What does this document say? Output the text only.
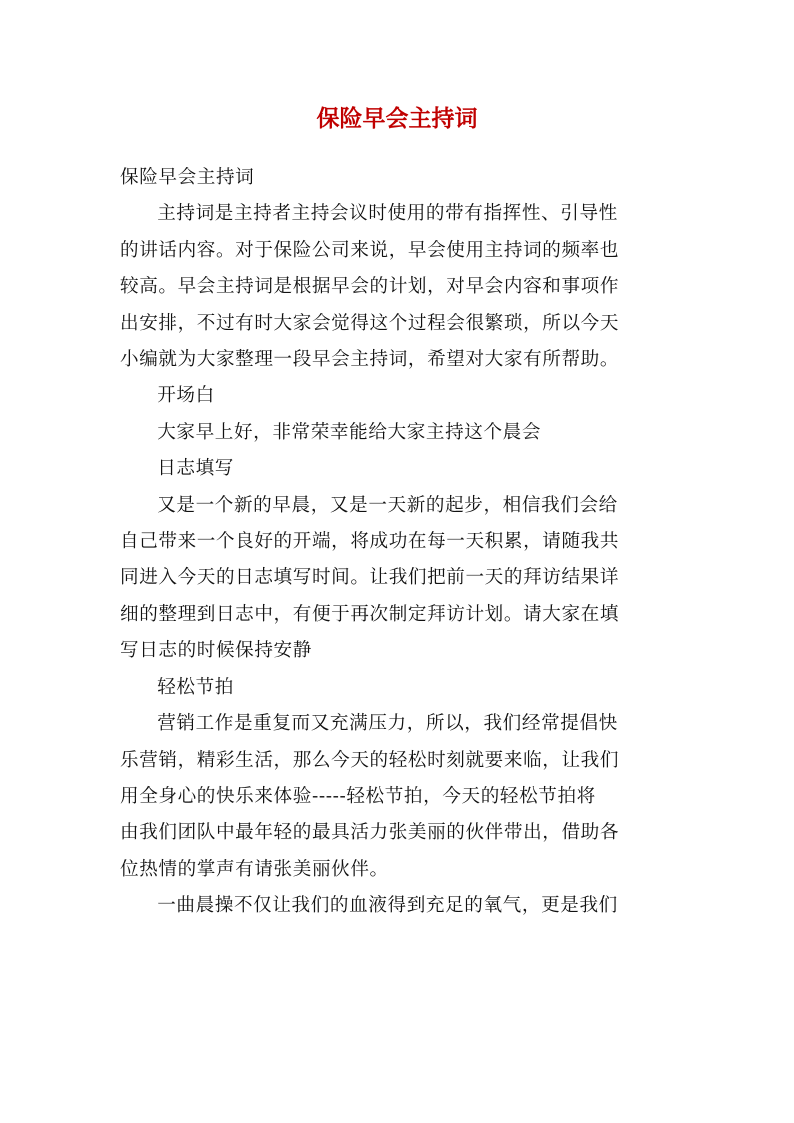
保险早会主持词

保险早会主持词

主持词是主持者主持会议时使用的带有指挥性、引导性
的讲话内容。对于保险公司来说，早会使用主持词的频率也
较高。早会主持词是根据早会的计划，对早会内容和事项作
出安排，不过有时大家会觉得这个过程会很繁琐，所以今天
小编就为大家整理一段早会主持词，希望对大家有所帮助。

开场白

大家早上好，非常荣幸能给大家主持这个晨会

日志填写

又是一个新的早晨，又是一天新的起步，相信我们会给
自己带来一个良好的开端，将成功在每一天积累，请随我共
同进入今天的日志填写时间。让我们把前一天的拜访结果详
细的整理到日志中，有便于再次制定拜访计划。请大家在填
写日志的时候保持安静

轻松节拍

营销工作是重复而又充满压力，所以，我们经常提倡快
乐营销，精彩生活，那么今天的轻松时刻就要来临，让我们
用全身心的快乐来体验-----轻松节拍，今天的轻松节拍将
由我们团队中最年轻的最具活力张美丽的伙伴带出，借助各
位热情的掌声有请张美丽伙伴。

一曲晨操不仅让我们的血液得到充足的氧气，更是我们
